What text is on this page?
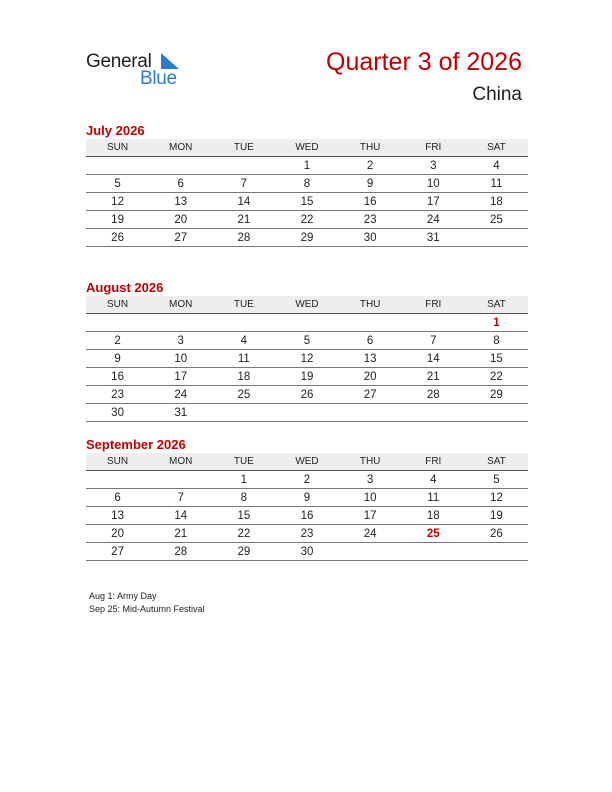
General
Blue
Quarter 3 of 2026
China
July 2026
SUN	MON	TUE	WED	THU	FRI	SAT
			1	2	3	4
5	6	7	8	9	10	11
12	13	14	15	16	17	18
19	20	21	22	23	24	25
26	27	28	29	30	31	
August 2026
SUN	MON	TUE	WED	THU	FRI	SAT
						1
2	3	4	5	6	7	8
9	10	11	12	13	14	15
16	17	18	19	20	21	22
23	24	25	26	27	28	29
30	31					
September 2026
SUN	MON	TUE	WED	THU	FRI	SAT
		1	2	3	4	5
6	7	8	9	10	11	12
13	14	15	16	17	18	19
20	21	22	23	24	25	26
27	28	29	30			
Aug 1: Army Day
Sep 25: Mid-Autumn Festival
